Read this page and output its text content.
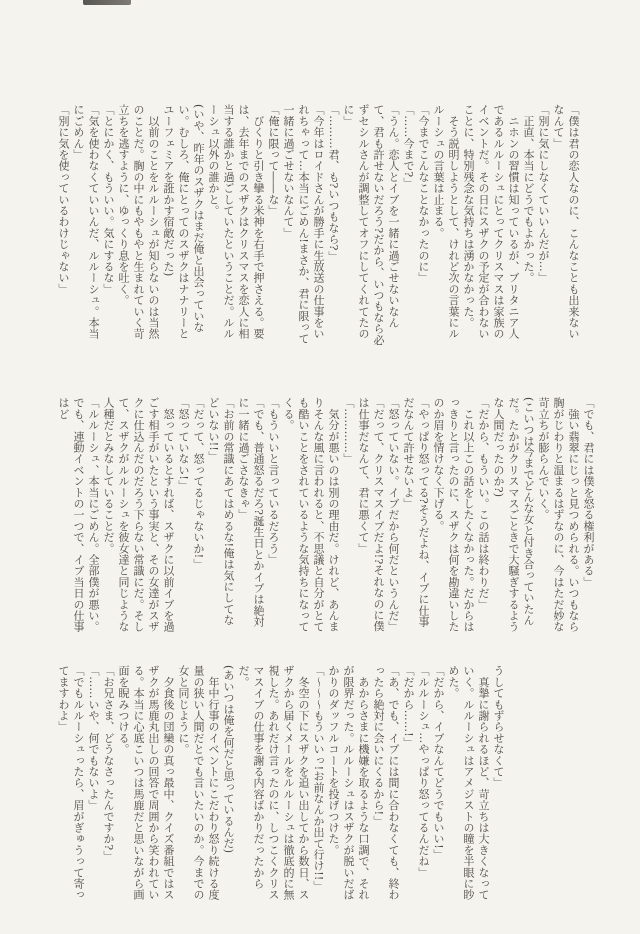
「僕は君の恋人なのに、こんなことも出来ないなんて」

「別に気にしなくていいんだが…」

　正直、本当にどうでもよかった。

　ニホンの習慣は知っているが、ブリタニア人であるルルーシュにとってクリスマスは家族のイベントだ。その日にスザクの予定が合わないことに、特別残念な気持ちは湧かなかった。

　そう説明しようとして、けれど次の言葉にルルーシュの言葉は止まる。

「今までこんなことなかったのに」

「……今まで?」

「うん。恋人とイブを一緒に過ごせないなんて、君も許せないだろう?だから、いつもなら必ずセシルさんが調整してオフにしてくれてたのに」

「………君、も?いつもなら?」

「今年はロイドさんが勝手に生放送の仕事をいれちゃって…本当にごめん!まさか、君に限って一緒に過ごせないなんて」

「俺に限って――な」

　びくりと引き攣る米神を右手で押さえる。要は、去年までのスザクはクリスマスを恋人に相当する誰かと過ごしていたということだ。ルルーシュ以外の誰かと。

(いや、昨年のスザクはまだ俺と出会っていない。むしろ、俺にとってのスザクはナナリーとユーフェミアを誑かす宿敵だった)

　以前のことをルルーシュが知らないのは当然のことだ。胸の中にもやもやと生まれていく苛立ちを逃すように、ゆっくり息を吐く。

「とにかく、もういい。気にするな」

「気を使わなくていいんだ、ルルーシュ。本当にごめん」

「別に気を使っているわけじゃない」

「でも、君には僕を怒る権利がある」

　強い翡翠にじっと見つめられる。いつもなら胸がじわりと温まるはずなのに、今はただ妙な苛立ちが膨らんでいく。

(こいつは今までどんな女と付き合っていたんだ。たかがクリスマスごときで大騒ぎするような人間だったのか?)

「だから、もういい。この話は終わりだ」

　これ以上この話をしたくなかった。だからはっきりと言ったのに、スザクは何を勘違いしたのか眉を情けなく下げる。

「やっぱり怒ってる?そうだよね、イブに仕事だなんて許せないよ」

「怒っていない。イブだから何だというんだ」

「だって、クリスマスイブだよ!?それなのに僕は仕事だなんて、君に悪くて」

「…………」

　気分が悪いのは別の理由だ。けれど、あんまりそんな風に言われると、不思議と自分がとても酷いことをされているような気持ちになってくる。

「もういいと言っているだろう」

「でも、普通怒るだろ?誕生日とかイブは絶対に一緒に過ごさなきゃ」

「お前の常識にあてはめるな!俺は気にしてなどいない!!」

「だって、怒ってるじゃないか!」

「怒っていない!」

　怒っているとすれば、スザクに以前イブを過ごす相手がいたという事実と、その女達がスザクに仕込んだのだろう下らない常識にだ。そして、スザクがルルーシュを彼女達と同じような人種だとみなしていることだ。

「ルルーシュ、本当にごめん。全部僕が悪い。でも、連動イベントの一つで、イブ当日の仕事はど

うしてもずらせなくて」

　真摯に謝られるほど、苛立ちは大きくなっていく。ルルーシュはアメジストの瞳を半眼に眇めた。

「だから、イブなんてどうでもいい!」

「ルルーシュ…やっぱり怒ってるんだね」

「だから……!」

「あ、でも、イブには間に合わなくても、終わったら絶対に会いにくるから!」

　あからさまに機嫌を取るような口調で、それが限界だった。ルルーシュはスザクが脱いだばかりのダッフルコートを投げつけた。

「〜〜〜もういいっ!お前なんか出て行け!!」

　冬空の下にスザクを追い出してから数日、スザクから届くメールをルルーシュは徹底的に無視した。あれだけ言ったのに、しつこくクリスマスイブの仕事を謝る内容ばかりだったからだ。

(あいつは俺を何だと思っているんだ)

　年中行事のイベントにこだわり怒り続ける度量の狭い人間だとでも言いたいのか。今までの女と同じように。

　夕食後の団欒の真っ最中、クイズ番組ではスザクが馬鹿丸出しの回答で周囲から笑われている。本当に心底こいつは馬鹿だと思いながら画面を睨みつける。

「お兄さま、どうなさったんですか?」

「……いや、何でもないよ」

「でもルルーシュったら、眉がぎゅうって寄ってますわよ」
